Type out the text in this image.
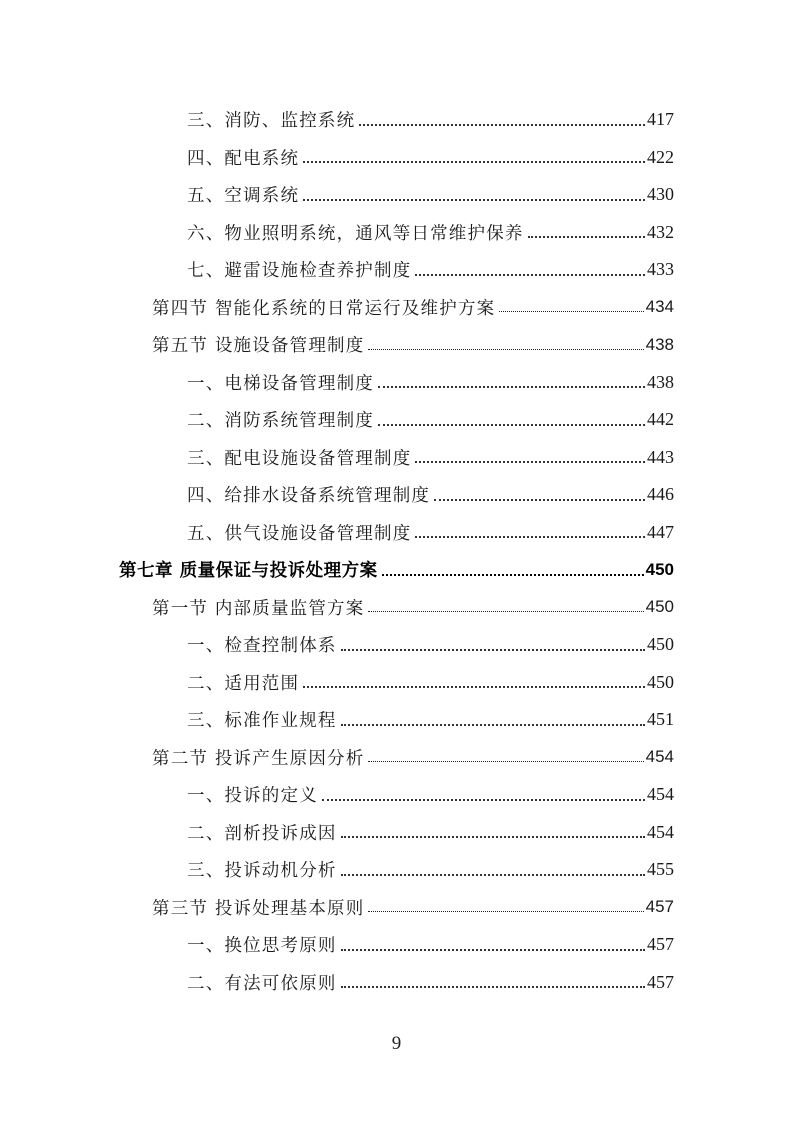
三、消防、监控系统	417
四、配电系统	422
五、空调系统	430
六、物业照明系统，通风等日常维护保养	432
七、避雷设施检查养护制度	433
第四节 智能化系统的日常运行及维护方案	434
第五节 设施设备管理制度	438
一、电梯设备管理制度	438
二、消防系统管理制度	442
三、配电设施设备管理制度	443
四、给排水设备系统管理制度	446
五、供气设施设备管理制度	447
第七章 质量保证与投诉处理方案	450
第一节 内部质量监管方案	450
一、检查控制体系	450
二、适用范围	450
三、标准作业规程	451
第二节 投诉产生原因分析	454
一、投诉的定义	454
二、剖析投诉成因	454
三、投诉动机分析	455
第三节 投诉处理基本原则	457
一、换位思考原则	457
二、有法可依原则	457
9
